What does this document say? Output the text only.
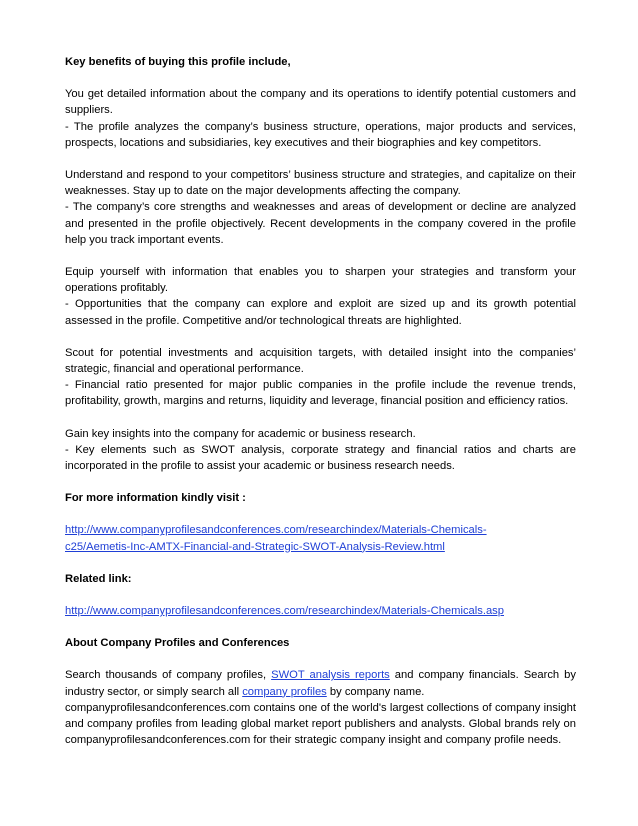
Key benefits of buying this profile include,

You get detailed information about the company and its operations to identify potential customers and suppliers.
- The profile analyzes the company’s business structure, operations, major products and services, prospects, locations and subsidiaries, key executives and their biographies and key competitors.

Understand and respond to your competitors’ business structure and strategies, and capitalize on their weaknesses. Stay up to date on the major developments affecting the company.
- The company’s core strengths and weaknesses and areas of development or decline are analyzed and presented in the profile objectively. Recent developments in the company covered in the profile help you track important events.

Equip yourself with information that enables you to sharpen your strategies and transform your operations profitably.
- Opportunities that the company can explore and exploit are sized up and its growth potential assessed in the profile. Competitive and/or technological threats are highlighted.

Scout for potential investments and acquisition targets, with detailed insight into the companies’ strategic, financial and operational performance.
- Financial ratio presented for major public companies in the profile include the revenue trends, profitability, growth, margins and returns, liquidity and leverage, financial position and efficiency ratios.

Gain key insights into the company for academic or business research.
- Key elements such as SWOT analysis, corporate strategy and financial ratios and charts are incorporated in the profile to assist your academic or business research needs.

For more information kindly visit :

http://www.companyprofilesandconferences.com/researchindex/Materials-Chemicals-
c25/Aemetis-Inc-AMTX-Financial-and-Strategic-SWOT-Analysis-Review.html

Related link:

http://www.companyprofilesandconferences.com/researchindex/Materials-Chemicals.asp

About Company Profiles and Conferences

Search thousands of company profiles, SWOT analysis reports and company financials. Search by industry sector, or simply search all company profiles by company name.
companyprofilesandconferences.com contains one of the world's largest collections of company insight and company profiles from leading global market report publishers and analysts. Global brands rely on companyprofilesandconferences.com for their strategic company insight and company profile needs.
